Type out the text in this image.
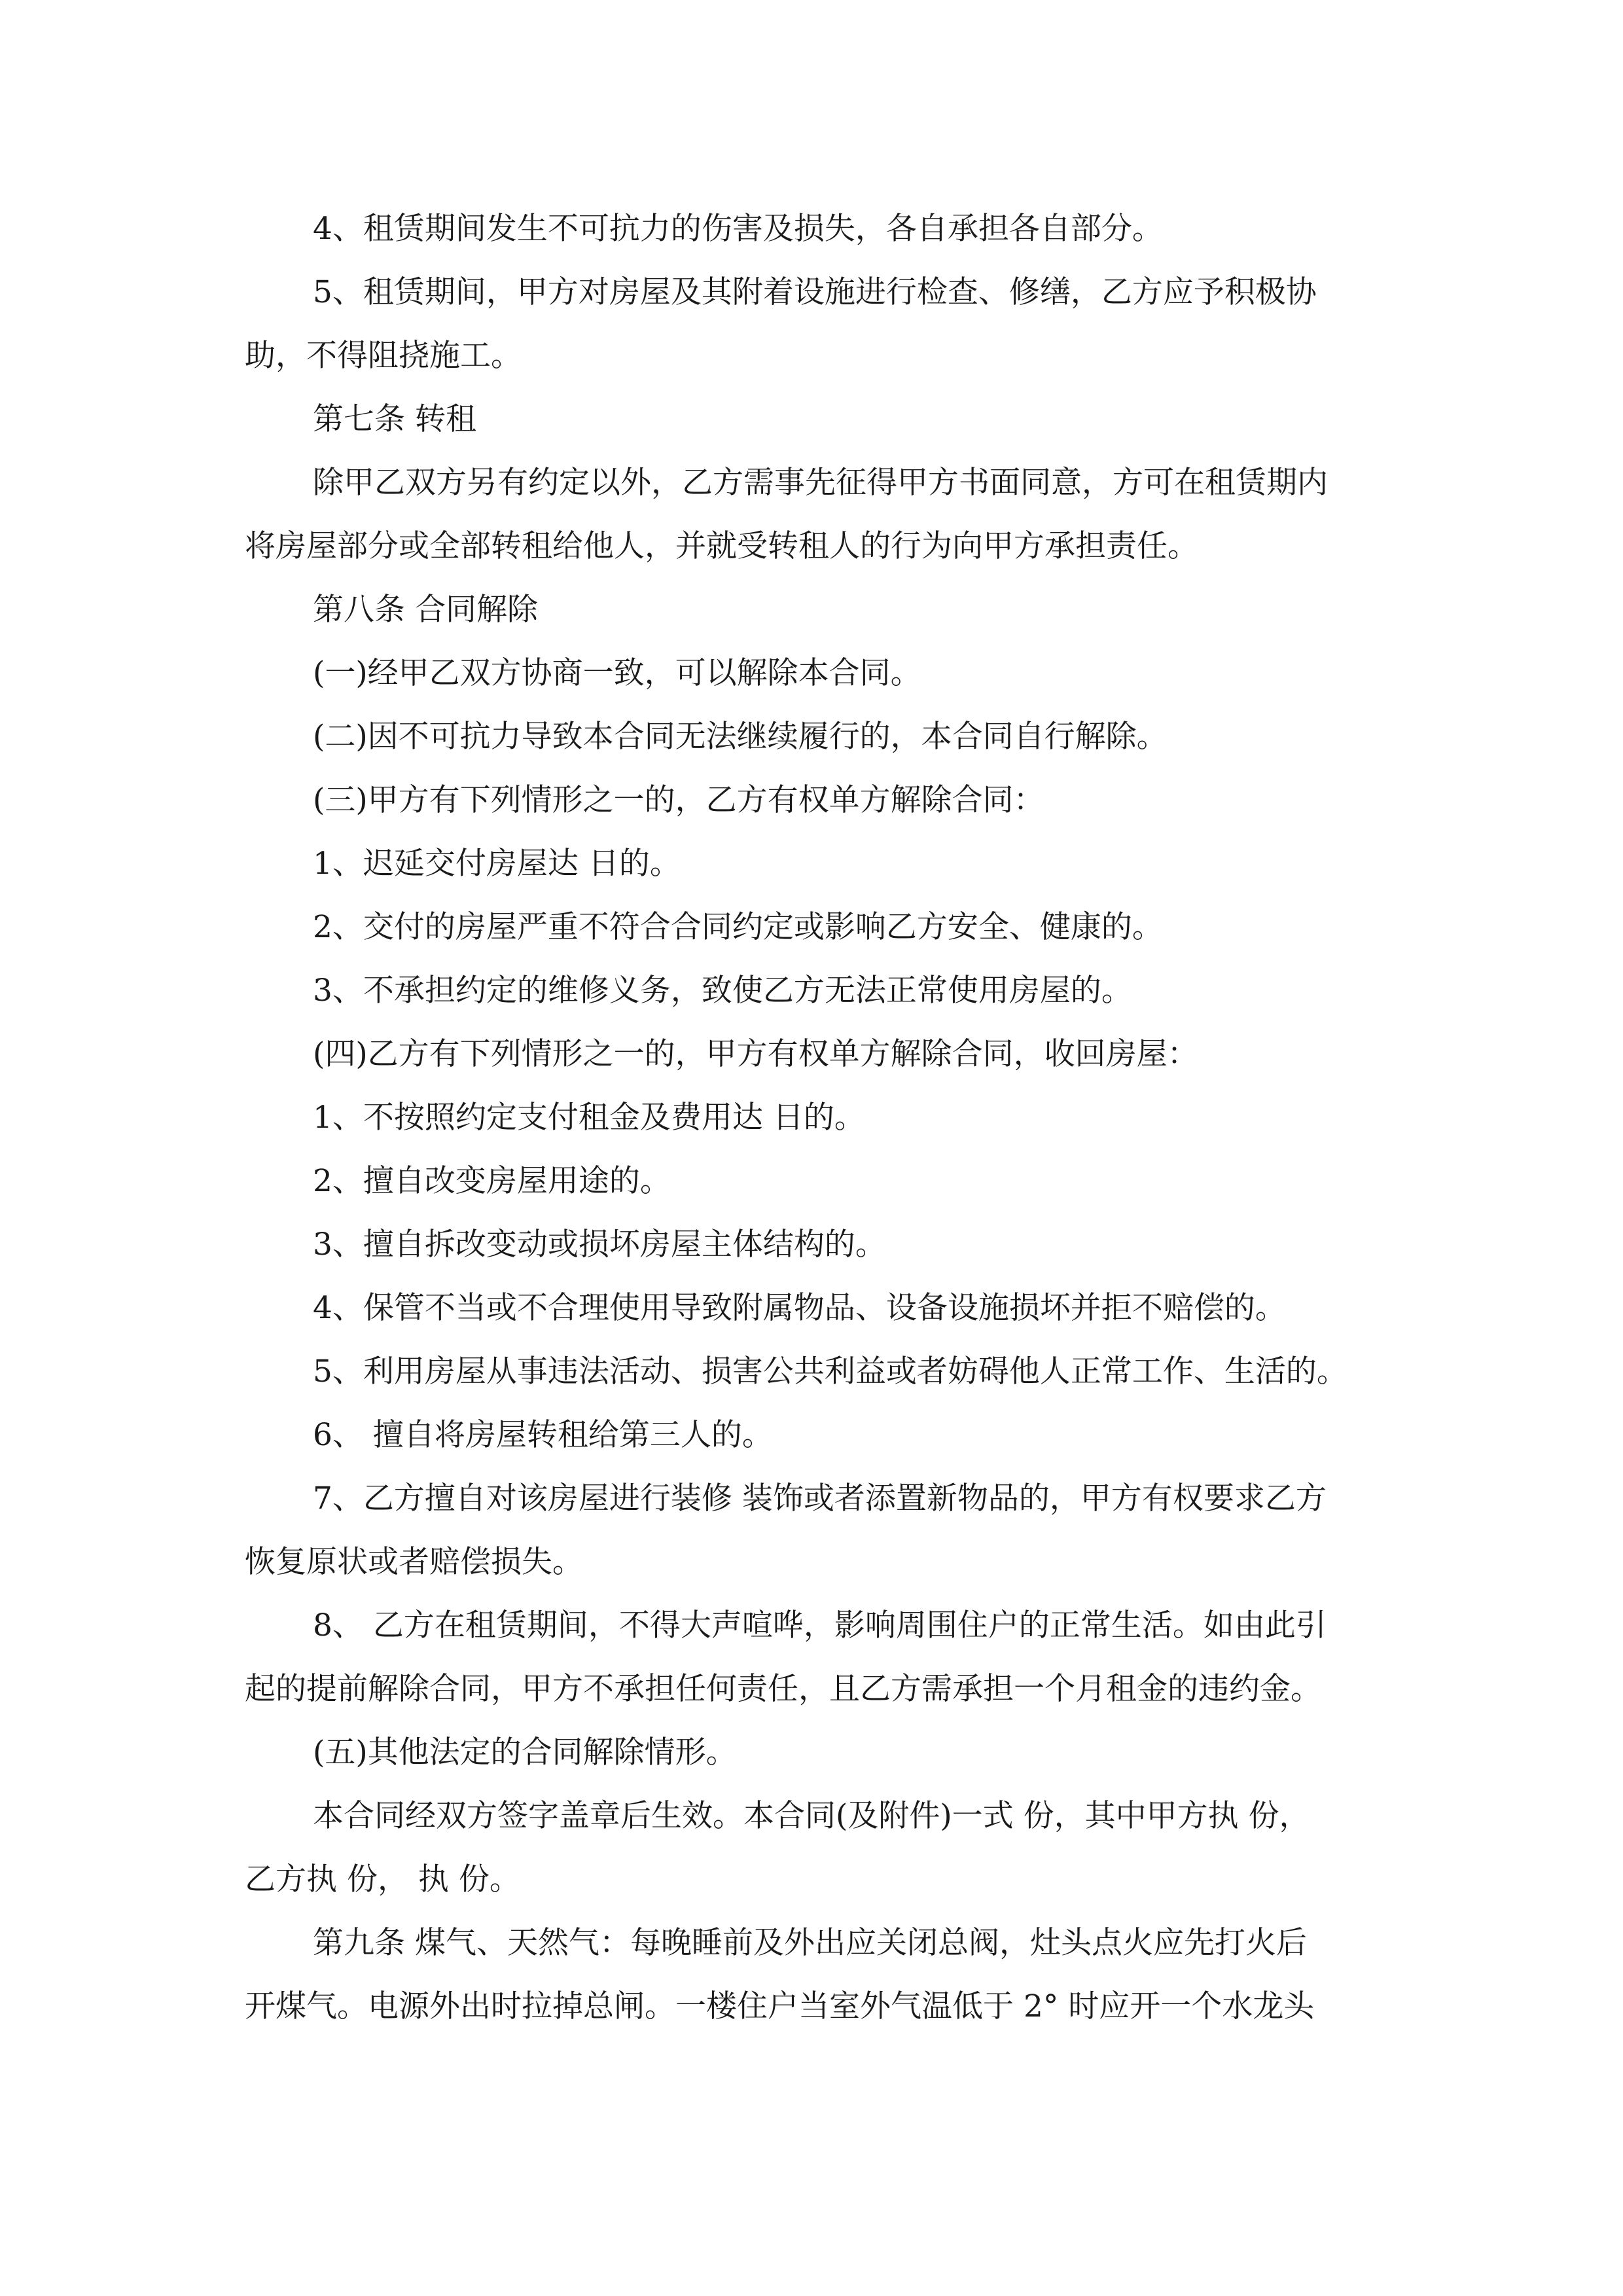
4、租赁期间发生不可抗力的伤害及损失，各自承担各自部分。
5、租赁期间，甲方对房屋及其附着设施进行检查、修缮，乙方应予积极协
助，不得阻挠施工。
第七条 转租
除甲乙双方另有约定以外，乙方需事先征得甲方书面同意，方可在租赁期内
将房屋部分或全部转租给他人，并就受转租人的行为向甲方承担责任。
第八条 合同解除
(一)经甲乙双方协商一致，可以解除本合同。
(二)因不可抗力导致本合同无法继续履行的，本合同自行解除。
(三)甲方有下列情形之一的，乙方有权单方解除合同：
1、迟延交付房屋达 日的。
2、交付的房屋严重不符合合同约定或影响乙方安全、健康的。
3、不承担约定的维修义务，致使乙方无法正常使用房屋的。
(四)乙方有下列情形之一的，甲方有权单方解除合同，收回房屋：
1、不按照约定支付租金及费用达 日的。
2、擅自改变房屋用途的。
3、擅自拆改变动或损坏房屋主体结构的。
4、保管不当或不合理使用导致附属物品、设备设施损坏并拒不赔偿的。
5、利用房屋从事违法活动、损害公共利益或者妨碍他人正常工作、生活的。
6、 擅自将房屋转租给第三人的。
7、乙方擅自对该房屋进行装修 装饰或者添置新物品的，甲方有权要求乙方
恢复原状或者赔偿损失。
8、 乙方在租赁期间，不得大声喧哗，影响周围住户的正常生活。如由此引
起的提前解除合同，甲方不承担任何责任，且乙方需承担一个月租金的违约金。
(五)其他法定的合同解除情形。
本合同经双方签字盖章后生效。本合同(及附件)一式 份，其中甲方执 份，
乙方执 份， 执 份。
第九条 煤气、天然气：每晚睡前及外出应关闭总阀，灶头点火应先打火后
开煤气。电源外出时拉掉总闸。一楼住户当室外气温低于 2° 时应开一个水龙头
